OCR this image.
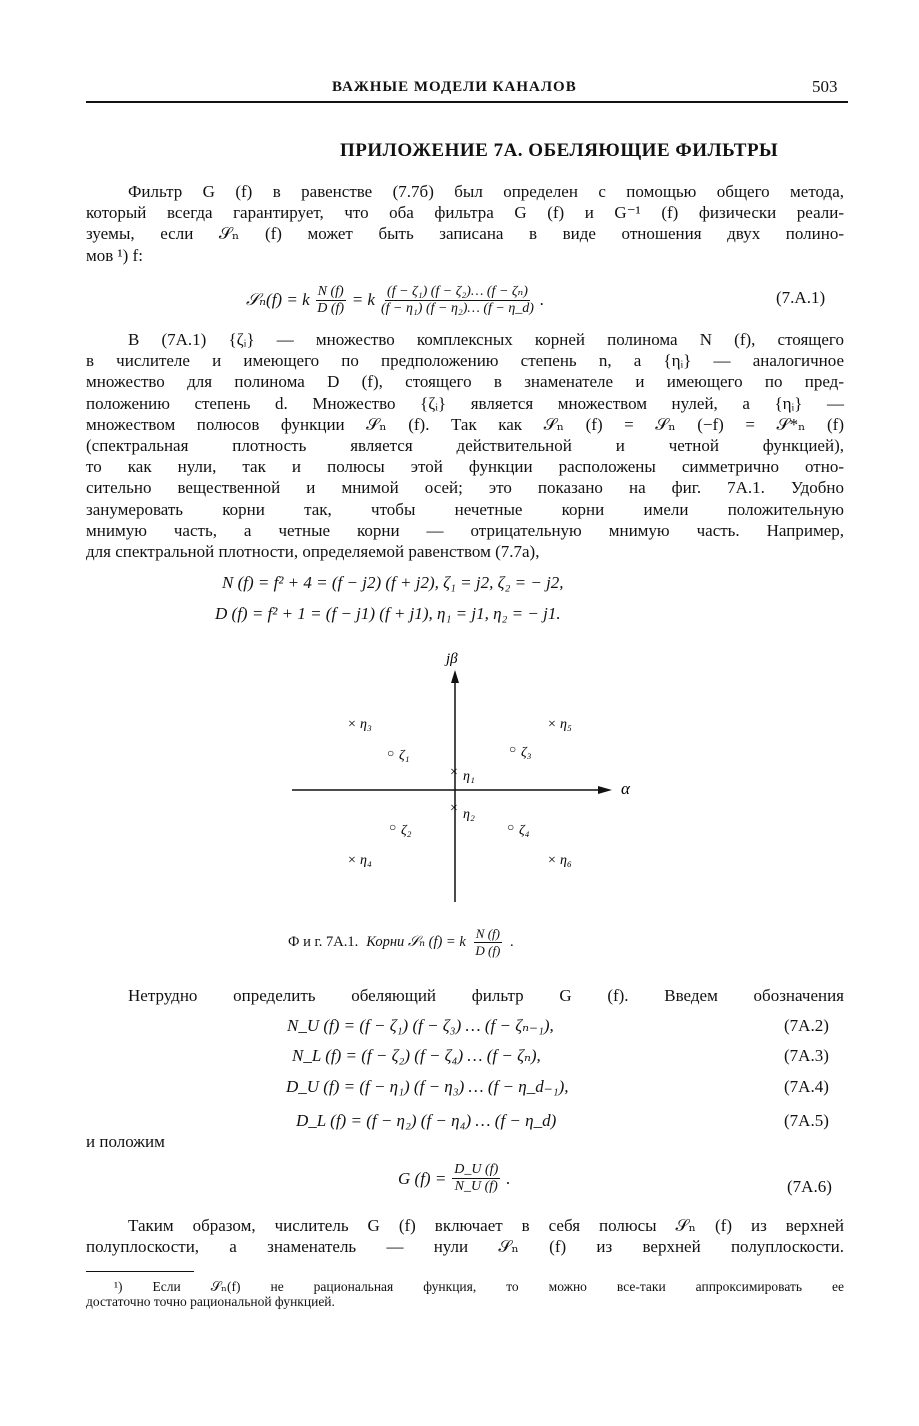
ВАЖНЫЕ МОДЕЛИ КАНАЛОВ	503
ПРИЛОЖЕНИЕ 7А. ОБЕЛЯЮЩИЕ ФИЛЬТРЫ
Фильтр G (f) в равенстве (7.7б) был определен с помощью общего метода,
который всегда гарантирует, что оба фильтра G (f) и G⁻¹ (f) физически реали-
зуемы, если 𝒮ₙ (f) может быть записана в виде отношения двух полино-
мов ¹) f:
𝒮ₙ(f) = k $\frac{N (f)}{D (f)} = k \frac{\text{(f − ζ₁) (f − ζ₂)… (f − ζₙ)}}{\text{(f − η₁) (f − η₂)… (f − η\_d)}}$ .	(7.А.1)
В (7А.1) {ζᵢ} — множество комплексных корней полинома N (f), стоящего
в числителе и имеющего по предположению степень n, а {ηᵢ} — аналогичное
множество для полинома D (f), стоящего в знаменателе и имеющего по пред-
положению степень d. Множество {ζᵢ} является множеством нулей, а {ηᵢ} —
множеством полюсов функции 𝒮ₙ (f). Так как 𝒮ₙ (f) = 𝒮ₙ (−f) = 𝒮*ₙ (f)
(спектральная плотность является действительной и четной функцией),
то как нули, так и полюсы этой функции расположены симметрично отно-
сительно вещественной и мнимой осей; это показано на фиг. 7А.1. Удобно
занумеровать корни так, чтобы нечетные корни имели положительную
мнимую часть, а четные корни — отрицательную мнимую часть. Например,
для спектральной плотности, определяемой равенством (7.7а),
N (f) = f² + 4 = (f − j2) (f + j2), ζ₁ = j2, ζ₂ = − j2,
D (f) = f² + 1 = (f − j1) (f + j1), η₁ = j1, η₂ = − j1.
jβ
α
× η₃	× η₅
○ ζ₁	○ ζ₃
× η₁
× η₂
○ ζ₂	○ ζ₄
× η₄	× η₆
Ф и г. 7А.1. Корни 𝒮ₙ (f) = k $\frac{N (f)}{D (f)}$ .
Нетрудно определить обеляющий фильтр G (f). Введем обозначения
N_U (f) = (f − ζ₁) (f − ζ₃) … (f − ζₙ₋₁),	(7А.2)
N_L (f) = (f − ζ₂) (f − ζ₄) … (f − ζₙ),	(7А.3)
D_U (f) = (f − η₁) (f − η₃) … (f − η_d₋₁),	(7А.4)
D_L (f) = (f − η₂) (f − η₄) … (f − η_d)	(7А.5)
и положим
G $(f) = \frac{D\_U (f)}{N\_U (f)}$ .	(7А.6)
Таким образом, числитель G (f) включает в себя полюсы 𝒮ₙ (f) из верхней
полуплоскости, а знаменатель — нули 𝒮ₙ (f) из верхней полуплоскости.
¹) Если 𝒮ₙ(f) не рациональная функция, то можно все-таки аппроксимировать ее
достаточно точно рациональной функцией.
